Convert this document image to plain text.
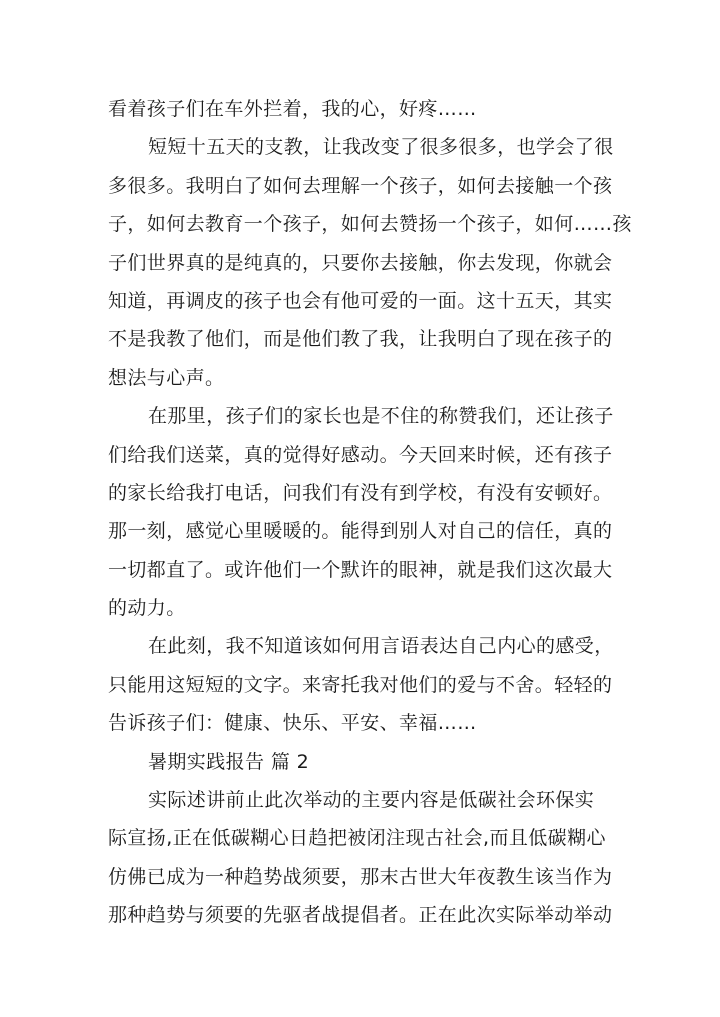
看着孩子们在车外拦着，我的心，好疼……
短短十五天的支教，让我改变了很多很多，也学会了很
多很多。我明白了如何去理解一个孩子，如何去接触一个孩
子，如何去教育一个孩子，如何去赞扬一个孩子，如何……孩
子们世界真的是纯真的，只要你去接触，你去发现，你就会
知道，再调皮的孩子也会有他可爱的一面。这十五天，其实
不是我教了他们，而是他们教了我，让我明白了现在孩子的
想法与心声。
在那里，孩子们的家长也是不住的称赞我们，还让孩子
们给我们送菜，真的觉得好感动。今天回来时候，还有孩子
的家长给我打电话，问我们有没有到学校，有没有安顿好。
那一刻，感觉心里暖暖的。能得到别人对自己的信任，真的
一切都直了。或许他们一个默许的眼神，就是我们这次最大
的动力。
在此刻，我不知道该如何用言语表达自己内心的感受，
只能用这短短的文字。来寄托我对他们的爱与不舍。轻轻的
告诉孩子们：健康、快乐、平安、幸福……
暑期实践报告 篇 2
实际述讲前止此次举动的主要内容是低碳社会环保实
际宣扬,正在低碳糊心日趋把被闭注现古社会,而且低碳糊心
仿佛已成为一种趋势战须要，那末古世大年夜教生该当作为
那种趋势与须要的先驱者战提倡者。正在此次实际举动举动
